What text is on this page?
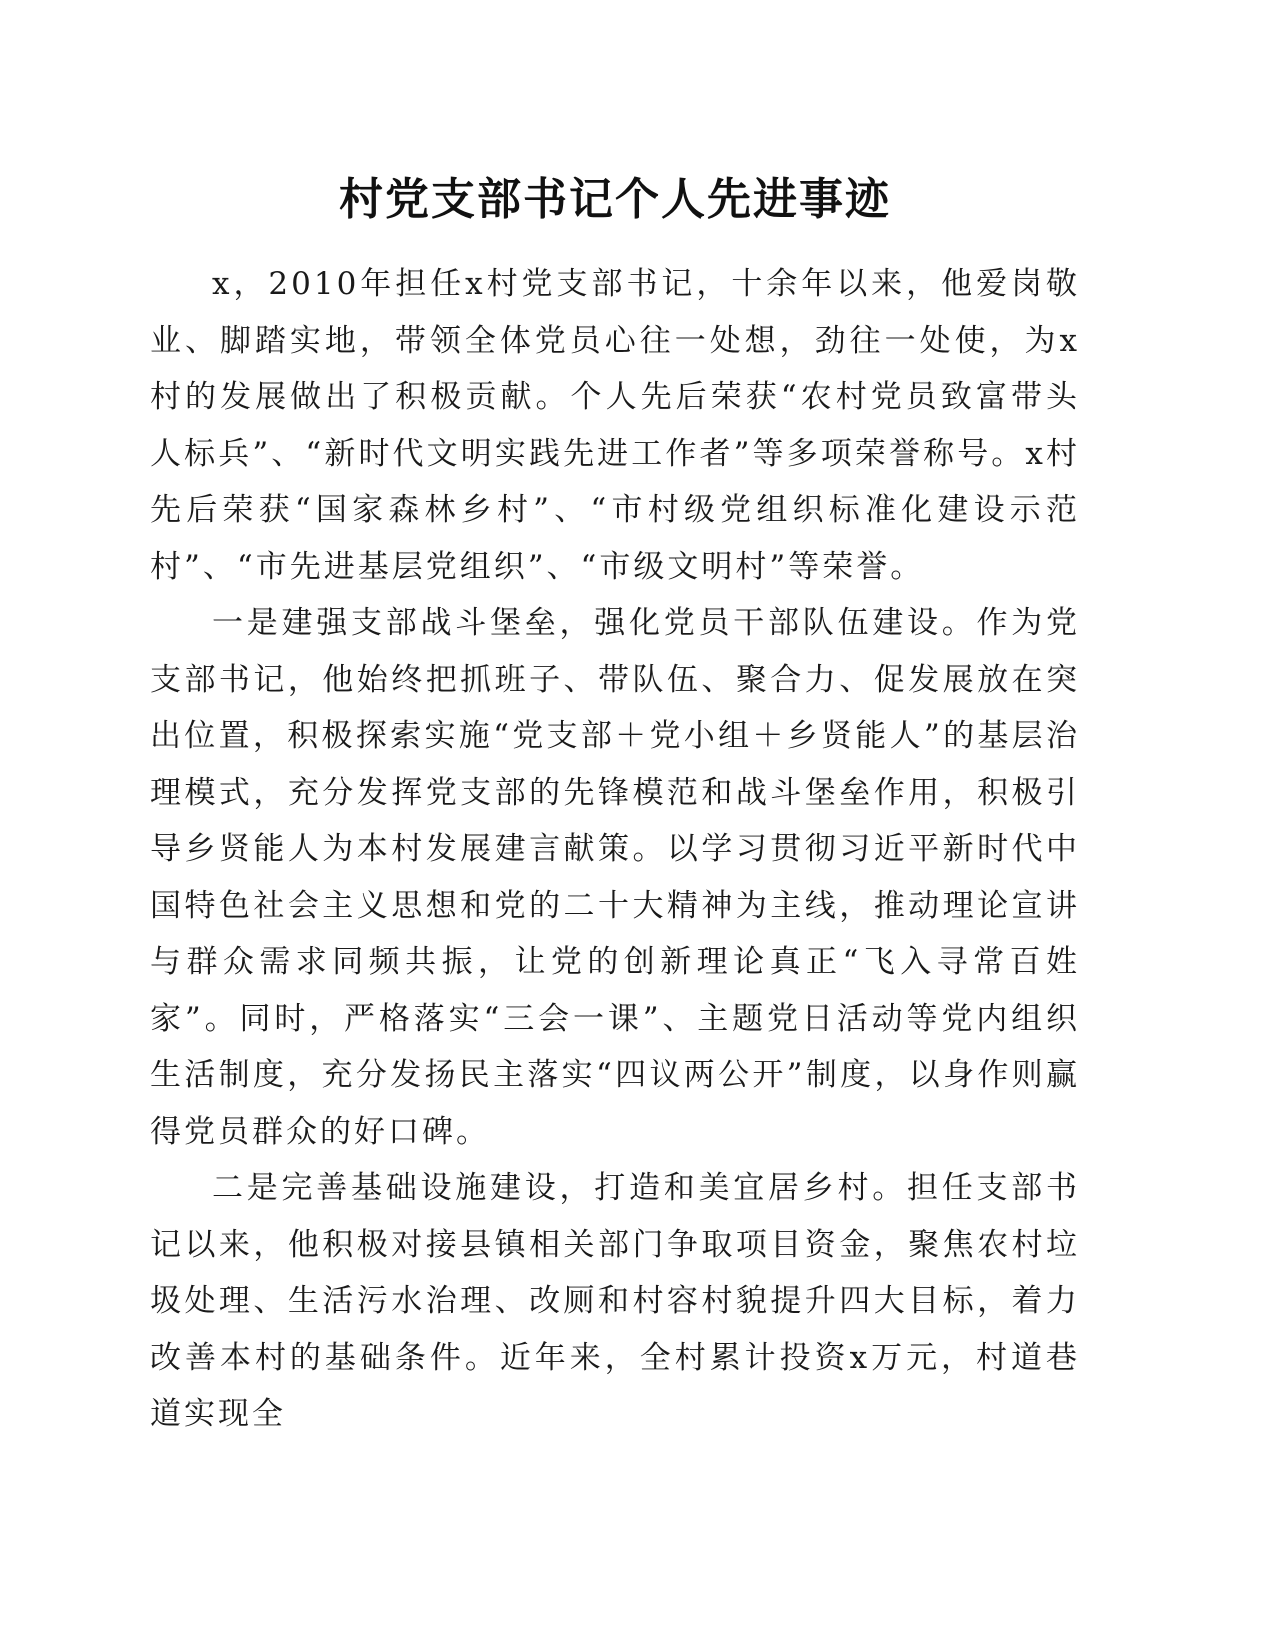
村党支部书记个人先进事迹

x，2010年担任x村党支部书记，十余年以来，他爱岗敬业、脚踏实地，带领全体党员心往一处想，劲往一处使，为x村的发展做出了积极贡献。个人先后荣获“农村党员致富带头人标兵”、“新时代文明实践先进工作者”等多项荣誉称号。x村先后荣获“国家森林乡村”、“市村级党组织标准化建设示范村”、“市先进基层党组织”、“市级文明村”等荣誉。

一是建强支部战斗堡垒，强化党员干部队伍建设。作为党支部书记，他始终把抓班子、带队伍、聚合力、促发展放在突出位置，积极探索实施“党支部＋党小组＋乡贤能人”的基层治理模式，充分发挥党支部的先锋模范和战斗堡垒作用，积极引导乡贤能人为本村发展建言献策。以学习贯彻习近平新时代中国特色社会主义思想和党的二十大精神为主线，推动理论宣讲与群众需求同频共振，让党的创新理论真正“飞入寻常百姓家”。同时，严格落实“三会一课”、主题党日活动等党内组织生活制度，充分发扬民主落实“四议两公开”制度，以身作则赢得党员群众的好口碑。

二是完善基础设施建设，打造和美宜居乡村。担任支部书记以来，他积极对接县镇相关部门争取项目资金，聚焦农村垃圾处理、生活污水治理、改厕和村容村貌提升四大目标，着力改善本村的基础条件。近年来，全村累计投资x万元，村道巷道实现全
